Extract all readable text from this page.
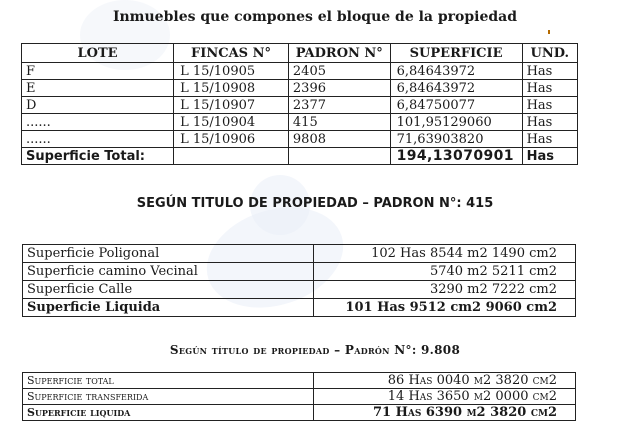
Inmuebles que compones el bloque de la propiedad
LOTE	FINCAS N°	PADRON N°	SUPERFICIE	UND.
F	L 15/10905	2405	6,84643972	Has
E	L 15/10908	2396	6,84643972	Has
D	L 15/10907	2377	6,84750077	Has
......	L 15/10904	415	101,95129060	Has
......	L 15/10906	9808	71,63903820	Has
Superficie Total:			194,13070901	Has
SEGÚN TITULO DE PROPIEDAD – PADRON N°: 415
Superficie Poligonal	102 Has 8544 m2 1490 cm2
Superficie camino Vecinal	5740 m2 5211 cm2
Superficie Calle	3290 m2 7222 cm2
Superficie Liquida	101 Has 9512 cm2 9060 cm2
Según título de propiedad – Padrón N°: 9.808
Superficie total	86 Has 0040 m2 3820 cm2
Superficie transferida	14 Has 3650 m2 0000 cm2
Superficie liquida	71 Has 6390 m2 3820 cm2
